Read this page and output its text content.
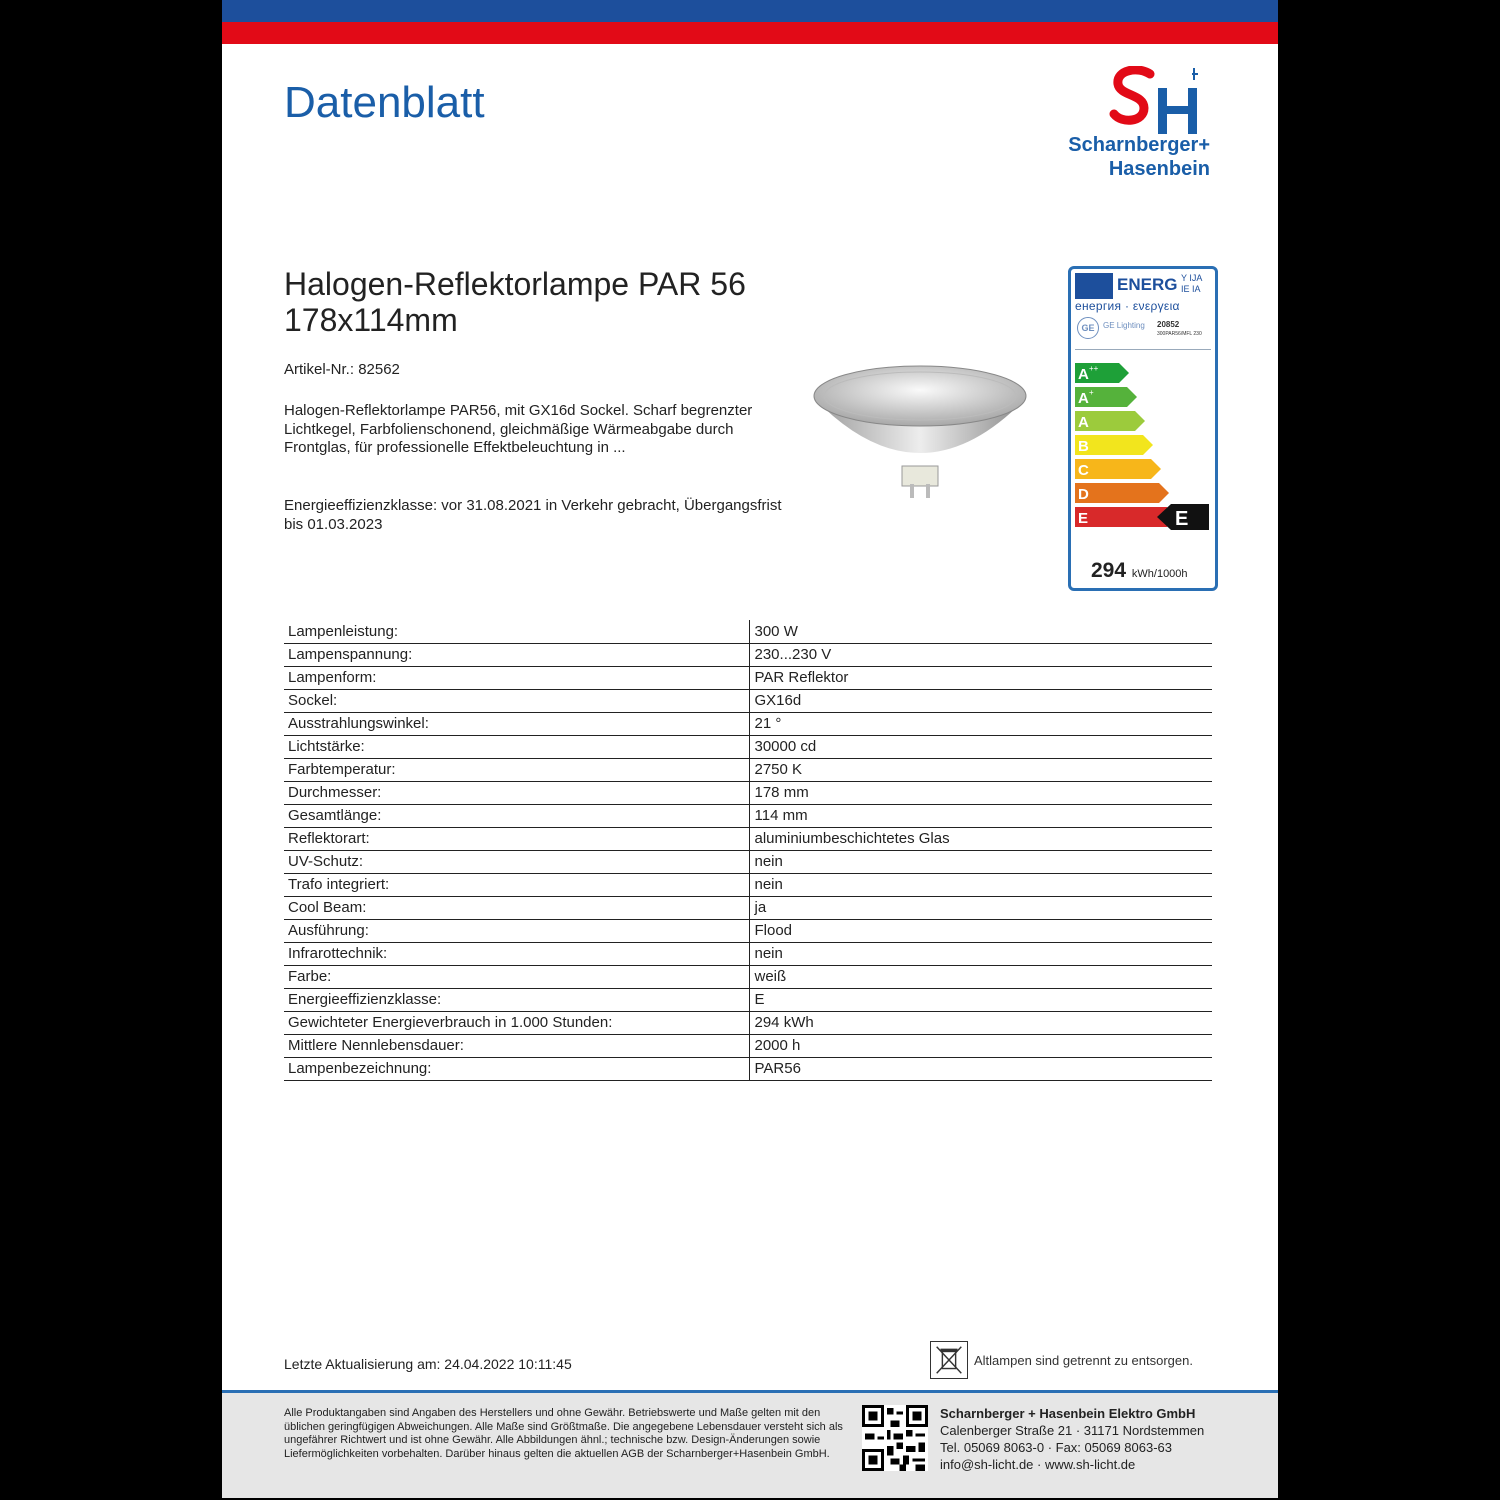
Datenblatt
Scharnberger+
Hasenbein
Halogen-Reflektorlampe PAR 56 178x114mm
Artikel-Nr.: 82562
Halogen-Reflektorlampe PAR56, mit GX16d Sockel. Scharf begrenzter Lichtkegel, Farbfolienschonend, gleichmäßige Wärmeabgabe durch Frontglas, für professionelle Effektbeleuchtung in ...
Energieeffizienzklasse: vor 31.08.2021 in Verkehr gebracht, Übergangsfrist bis 01.03.2023
ENERG Y IJA IE IA
енергия · ενεργεια
GE	GE Lighting 20852
300PAR56/MFL 230
A ++
A +
A
B
C
D
E	E
294 kWh/1000h
Lampenleistung:	300 W
Lampenspannung:	230...230 V
Lampenform:	PAR Reflektor
Sockel:	GX16d
Ausstrahlungswinkel:	21 °
Lichtstärke:	30000 cd
Farbtemperatur:	2750 K
Durchmesser:	178 mm
Gesamtlänge:	114 mm
Reflektorart:	aluminiumbeschichtetes Glas
UV-Schutz:	nein
Trafo integriert:	nein
Cool Beam:	ja
Ausführung:	Flood
Infrarottechnik:	nein
Farbe:	weiß
Energieeffizienzklasse:	E
Gewichteter Energieverbrauch in 1.000 Stunden:	294 kWh
Mittlere Nennlebensdauer:	2000 h
Lampenbezeichnung:	PAR56
Letzte Aktualisierung am: 24.04.2022 10:11:45	Altlampen sind getrennt zu entsorgen.
Alle Produktangaben sind Angaben des Herstellers und ohne Gewähr. Betriebswerte und Maße gelten mit den üblichen geringfügigen Abweichungen. Alle Maße sind Größtmaße. Die angegebene Lebensdauer versteht sich als ungefährer Richtwert und ist ohne Gewähr. Alle Abbildungen ähnl.; technische bzw. Design-Änderungen sowie Liefermöglichkeiten vorbehalten. Darüber hinaus gelten die aktuellen AGB der Scharnberger+Hasenbein GmbH.
Scharnberger + Hasenbein Elektro GmbH
Calenberger Straße 21 · 31171 Nordstemmen
Tel. 05069 8063-0 · Fax: 05069 8063-63
info@sh-licht.de · www.sh-licht.de
